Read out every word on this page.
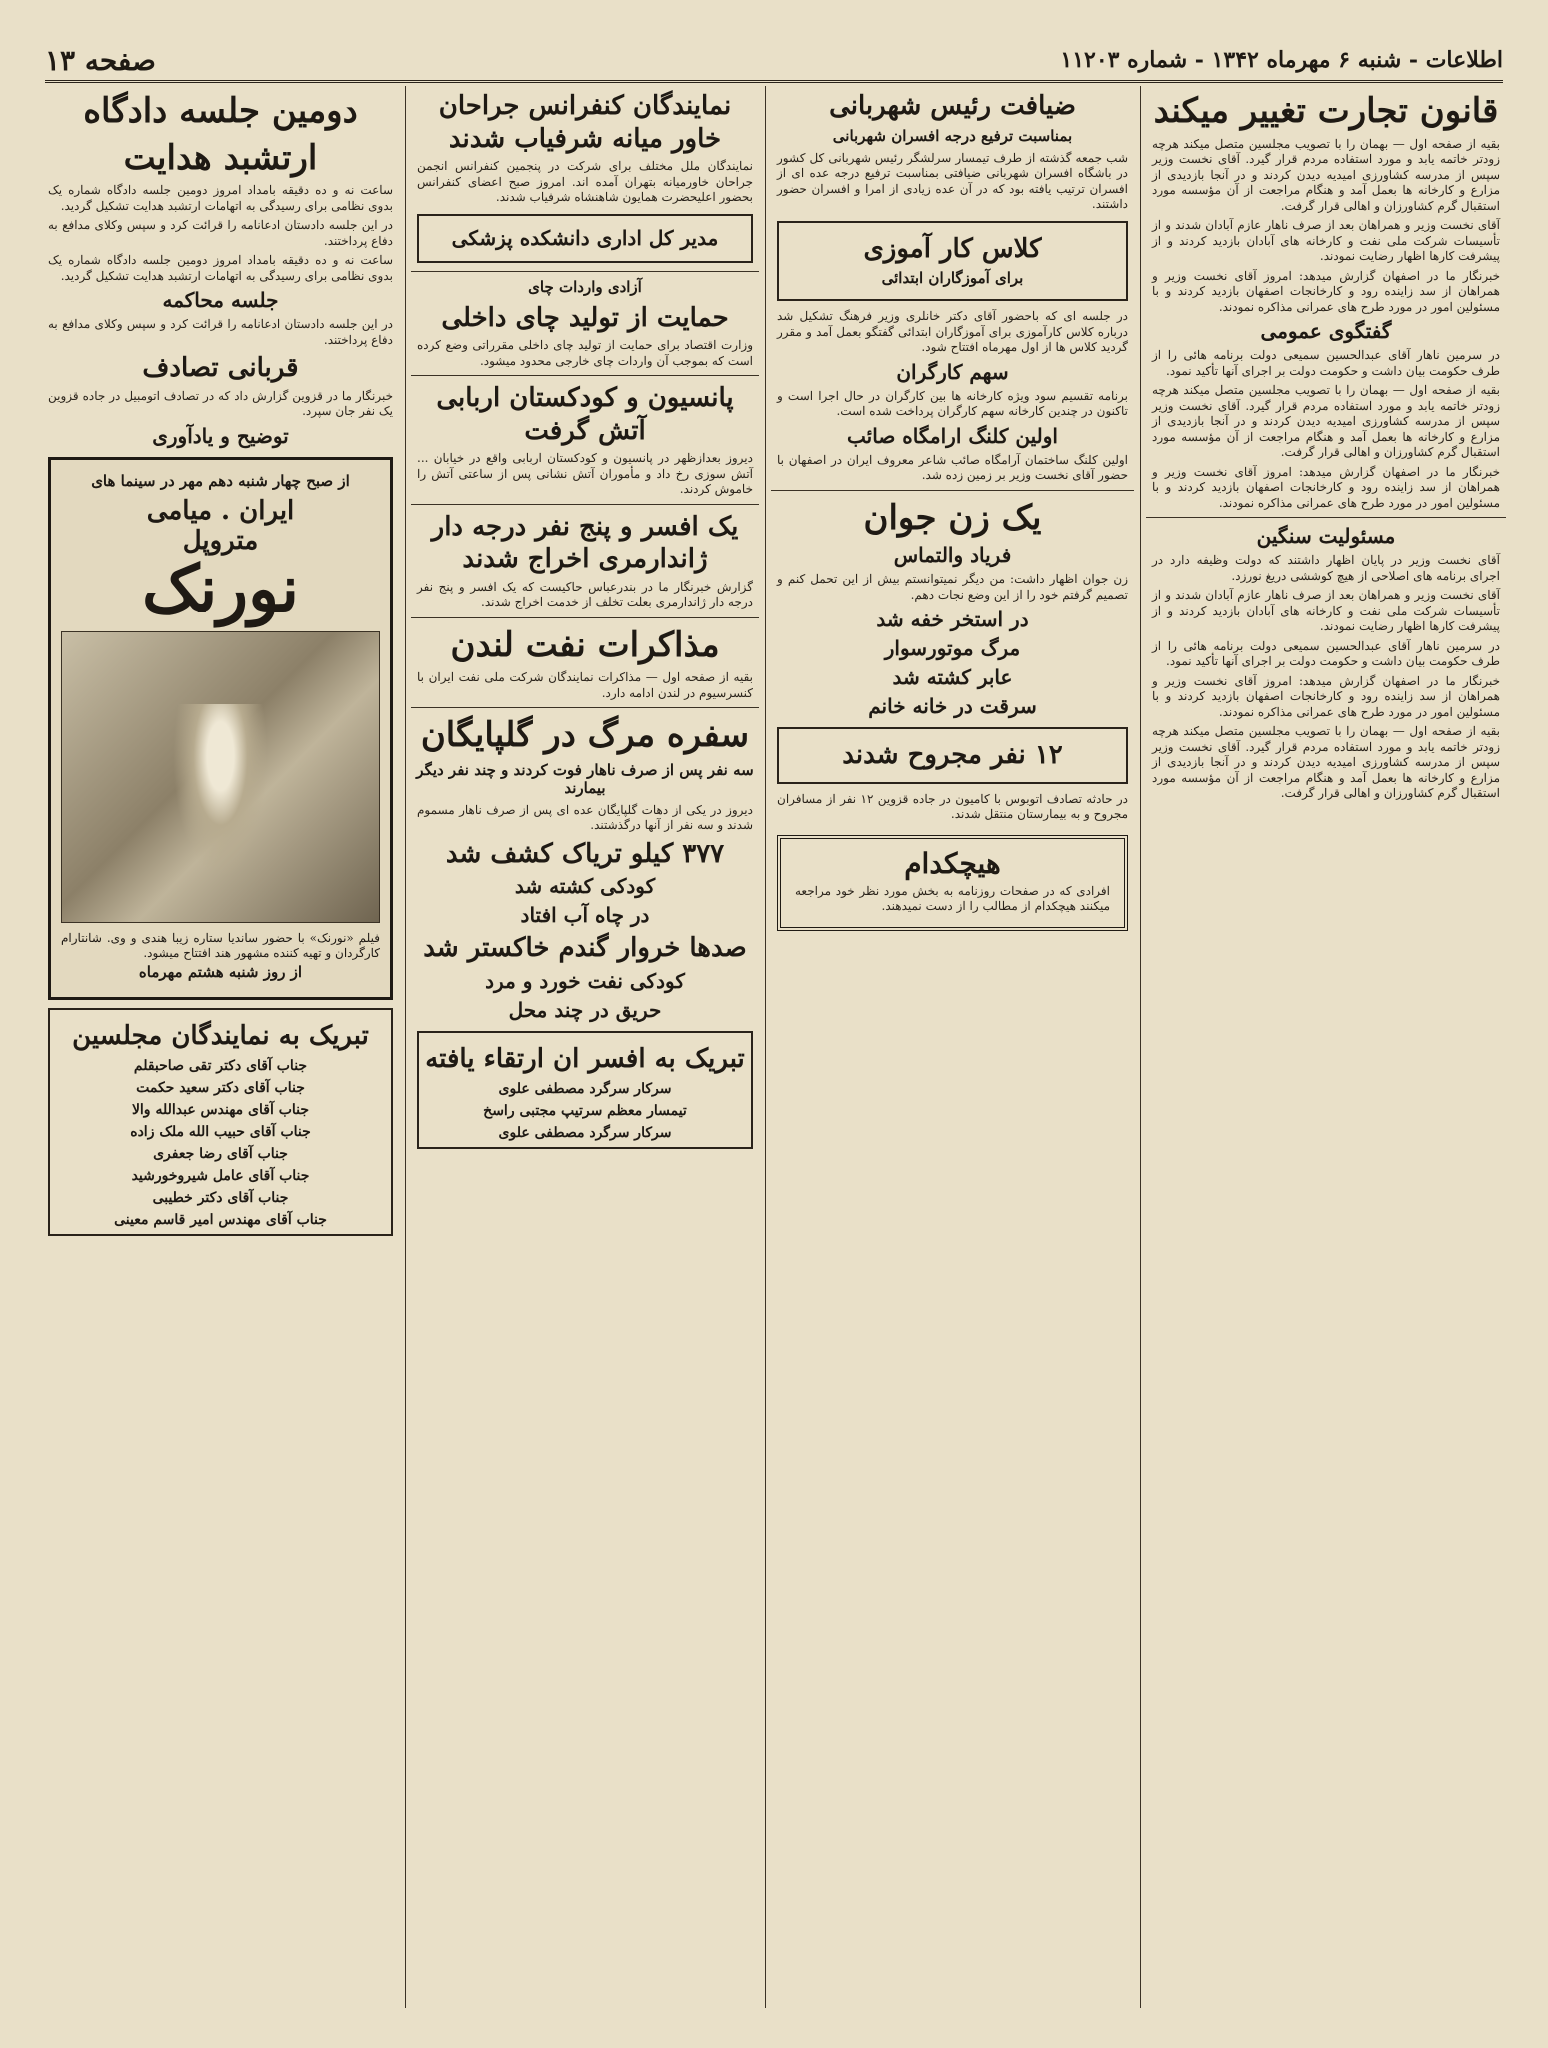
صفحه ۱۳	اطلاعات - شنبه ۶ مهرماه ۱۳۴۲ - شماره ۱۱۲۰۳
قانون تجارت تغییر میکند
بقیه از صفحه اول — بهمان را با تصویب مجلسین متصل میکند هرچه زودتر خاتمه یابد و مورد استفاده مردم قرار گیرد. آقای نخست وزیر سپس از مدرسه کشاورزی امیدیه دیدن کردند و در آنجا بازدیدی از مزارع و کارخانه ها بعمل آمد و هنگام مراجعت از آن مؤسسه مورد استقبال گرم کشاورزان و اهالی قرار گرفت.
آقای نخست وزیر و همراهان بعد از صرف ناهار عازم آبادان شدند و از تأسیسات شرکت ملی نفت و کارخانه های آبادان بازدید کردند و از پیشرفت کارها اظهار رضایت نمودند.
خبرنگار ما در اصفهان گزارش میدهد: امروز آقای نخست وزیر و همراهان از سد زاینده رود و کارخانجات اصفهان بازدید کردند و با مسئولین امور در مورد طرح های عمرانی مذاکره نمودند.
گفتگوی عمومی
در سرمین ناهار آقای عبدالحسین سمیعی دولت برنامه هائی را از طرف حکومت بیان داشت و حکومت دولت بر اجرای آنها تأکید نمود.
بقیه از صفحه اول — بهمان را با تصویب مجلسین متصل میکند هرچه زودتر خاتمه یابد و مورد استفاده مردم قرار گیرد. آقای نخست وزیر سپس از مدرسه کشاورزی امیدیه دیدن کردند و در آنجا بازدیدی از مزارع و کارخانه ها بعمل آمد و هنگام مراجعت از آن مؤسسه مورد استقبال گرم کشاورزان و اهالی قرار گرفت.
خبرنگار ما در اصفهان گزارش میدهد: امروز آقای نخست وزیر و همراهان از سد زاینده رود و کارخانجات اصفهان بازدید کردند و با مسئولین امور در مورد طرح های عمرانی مذاکره نمودند.
مسئولیت سنگین
آقای نخست وزیر در پایان اظهار داشتند که دولت وظیفه دارد در اجرای برنامه های اصلاحی از هیچ کوششی دریغ نورزد.
آقای نخست وزیر و همراهان بعد از صرف ناهار عازم آبادان شدند و از تأسیسات شرکت ملی نفت و کارخانه های آبادان بازدید کردند و از پیشرفت کارها اظهار رضایت نمودند.
در سرمین ناهار آقای عبدالحسین سمیعی دولت برنامه هائی را از طرف حکومت بیان داشت و حکومت دولت بر اجرای آنها تأکید نمود.
خبرنگار ما در اصفهان گزارش میدهد: امروز آقای نخست وزیر و همراهان از سد زاینده رود و کارخانجات اصفهان بازدید کردند و با مسئولین امور در مورد طرح های عمرانی مذاکره نمودند.
بقیه از صفحه اول — بهمان را با تصویب مجلسین متصل میکند هرچه زودتر خاتمه یابد و مورد استفاده مردم قرار گیرد. آقای نخست وزیر سپس از مدرسه کشاورزی امیدیه دیدن کردند و در آنجا بازدیدی از مزارع و کارخانه ها بعمل آمد و هنگام مراجعت از آن مؤسسه مورد استقبال گرم کشاورزان و اهالی قرار گرفت.
ضیافت رئیس شهربانی
بمناسبت ترفیع درجه افسران شهربانی
شب جمعه گذشته از طرف تیمسار سرلشگر رئیس شهربانی کل کشور در باشگاه افسران شهربانی ضیافتی بمناسبت ترفیع درجه عده ای از افسران ترتیب یافته بود که در آن عده زیادی از امرا و افسران حضور داشتند.
کلاس کار آموزی
برای آموزگاران ابتدائی
در جلسه ای که باحضور آقای دکتر خانلری وزیر فرهنگ تشکیل شد درباره کلاس کارآموزی برای آموزگاران ابتدائی گفتگو بعمل آمد و مقرر گردید کلاس ها از اول مهرماه افتتاح شود.
سهم کارگران
برنامه تقسیم سود ویژه کارخانه ها بین کارگران در حال اجرا است و تاکنون در چندین کارخانه سهم کارگران پرداخت شده است.
اولین کلنگ ارامگاه صائب
اولین کلنگ ساختمان آرامگاه صائب شاعر معروف ایران در اصفهان با حضور آقای نخست وزیر بر زمین زده شد.
یک زن جوان
فریاد والتماس
زن جوان اظهار داشت: من دیگر نمیتوانستم بیش از این تحمل کنم و تصمیم گرفتم خود را از این وضع نجات دهم.
در استخر خفه شد
مرگ موتورسوار
عابر کشته شد
سرقت در خانه خانم
۱۲ نفر مجروح شدند
در حادثه تصادف اتوبوس با کامیون در جاده قزوین ۱۲ نفر از مسافران مجروح و به بیمارستان منتقل شدند.
هیچکدام
افرادی که در صفحات روزنامه به بخش مورد نظر خود مراجعه میکنند هیچکدام از مطالب را از دست نمیدهند.
نمایندگان کنفرانس جراحان خاور میانه شرفیاب شدند
نمایندگان ملل مختلف برای شرکت در پنجمین کنفرانس انجمن جراحان خاورمیانه بتهران آمده اند. امروز صبح اعضای کنفرانس بحضور اعلیحضرت همایون شاهنشاه شرفیاب شدند.
مدیر کل اداری دانشکده پزشکی
آزادی واردات چای
حمایت از تولید چای داخلی
وزارت اقتصاد برای حمایت از تولید چای داخلی مقرراتی وضع کرده است که بموجب آن واردات چای خارجی محدود میشود.
پانسیون و کودکستان اربابی آتش گرفت
دیروز بعدازظهر در پانسیون و کودکستان اربابی واقع در خیابان ... آتش سوزی رخ داد و مأموران آتش نشانی پس از ساعتی آتش را خاموش کردند.
یک افسر و پنج نفر درجه دار ژاندارمری اخراج شدند
گزارش خبرنگار ما در بندرعباس حاکیست که یک افسر و پنج نفر درجه دار ژاندارمری بعلت تخلف از خدمت اخراج شدند.
مذاکرات نفت لندن
بقیه از صفحه اول — مذاکرات نمایندگان شرکت ملی نفت ایران با کنسرسیوم در لندن ادامه دارد.
سفره مرگ در گلپایگان
سه نفر پس از صرف ناهار فوت کردند و چند نفر دیگر بیمارند
دیروز در یکی از دهات گلپایگان عده ای پس از صرف ناهار مسموم شدند و سه نفر از آنها درگذشتند.
۳۷۷ کیلو تریاک کشف شد
کودکی کشته شد
در چاه آب افتاد
صدها خروار گندم خاکستر شد
کودکی نفت خورد و مرد
حریق در چند محل
تبریک به افسر ان ارتقاء یافته
سرکار سرگرد مصطفی علوی
تیمسار معظم سرتیپ مجتبی راسخ
سرکار سرگرد مصطفی علوی
دومین جلسه دادگاه
ارتشبد هدایت
ساعت نه و ده دقیقه بامداد امروز دومین جلسه دادگاه شماره یک بدوی نظامی برای رسیدگی به اتهامات ارتشبد هدایت تشکیل گردید.
در این جلسه دادستان ادعانامه را قرائت کرد و سپس وکلای مدافع به دفاع پرداختند.
ساعت نه و ده دقیقه بامداد امروز دومین جلسه دادگاه شماره یک بدوی نظامی برای رسیدگی به اتهامات ارتشبد هدایت تشکیل گردید.
جلسه محاکمه
در این جلسه دادستان ادعانامه را قرائت کرد و سپس وکلای مدافع به دفاع پرداختند.
قربانی تصادف
خبرنگار ما در قزوین گزارش داد که در تصادف اتومبیل در جاده قزوین یک نفر جان سپرد.
توضیح و یادآوری
از صبح چهار شنبه دهم مهر در سینما های
ایران . میامی
متروپل
نورنک
فیلم «نورنک» با حضور ساندیا ستاره زیبا هندی و وی. شانتارام کارگردان و تهیه کننده مشهور هند افتتاح میشود.
از روز شنبه هشتم مهرماه
تبریک به نمایندگان مجلسین
جناب آقای دکتر تقی صاحبقلم
جناب آقای دکتر سعید حکمت
جناب آقای مهندس عبدالله والا
جناب آقای حبیب الله ملک زاده
جناب آقای رضا جعفری
جناب آقای عامل شیروخورشید
جناب آقای دکتر خطیبی
جناب آقای مهندس امیر قاسم معینی
